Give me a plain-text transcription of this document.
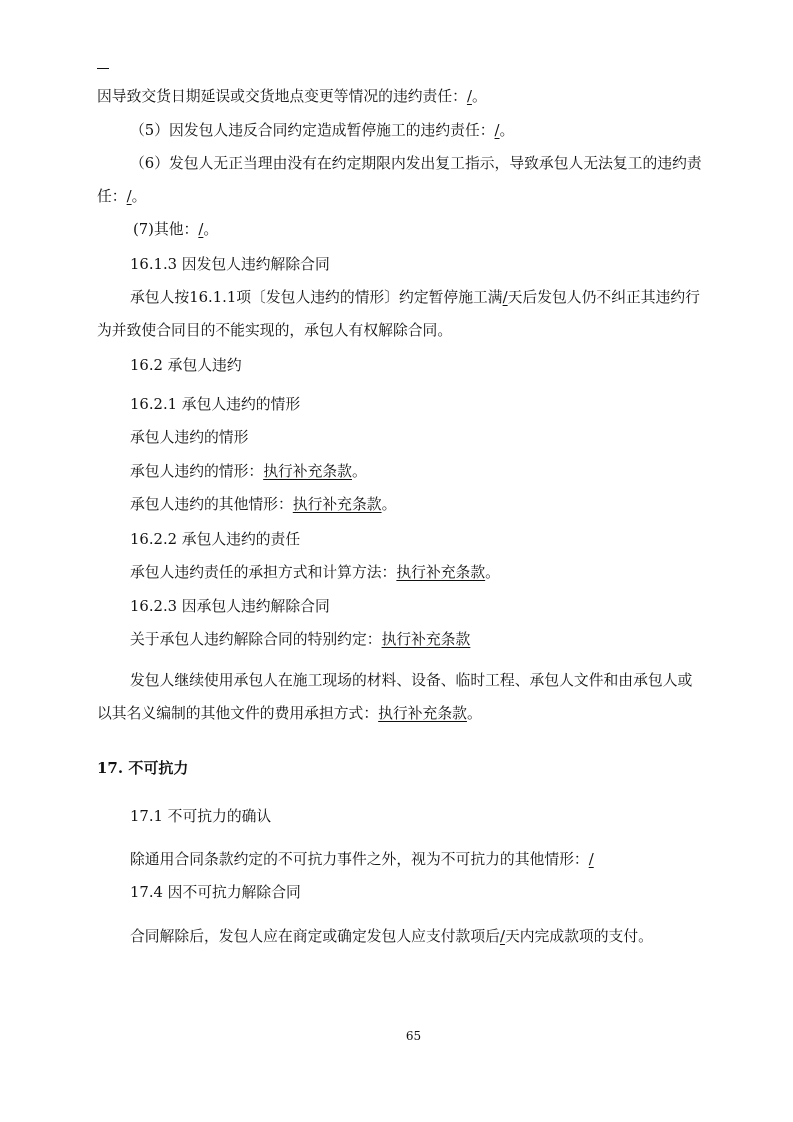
因导致交货日期延误或交货地点变更等情况的违约责任：/。
（5）因发包人违反合同约定造成暂停施工的违约责任：/。
（6）发包人无正当理由没有在约定期限内发出复工指示，导致承包人无法复工的违约责
任：/。
(7)其他：/。
16.1.3 因发包人违约解除合同
承包人按16.1.1项〔发包人违约的情形〕约定暂停施工满/天后发包人仍不纠正其违约行
为并致使合同目的不能实现的，承包人有权解除合同。
16.2 承包人违约
16.2.1 承包人违约的情形
承包人违约的情形
承包人违约的情形：执行补充条款。
承包人违约的其他情形：执行补充条款。
16.2.2 承包人违约的责任
承包人违约责任的承担方式和计算方法：执行补充条款。
16.2.3 因承包人违约解除合同
关于承包人违约解除合同的特别约定：执行补充条款
发包人继续使用承包人在施工现场的材料、设备、临时工程、承包人文件和由承包人或
以其名义编制的其他文件的费用承担方式：执行补充条款。
17. 不可抗力
17.1 不可抗力的确认
除通用合同条款约定的不可抗力事件之外，视为不可抗力的其他情形：/
17.4 因不可抗力解除合同
合同解除后，发包人应在商定或确定发包人应支付款项后/天内完成款项的支付。
65
